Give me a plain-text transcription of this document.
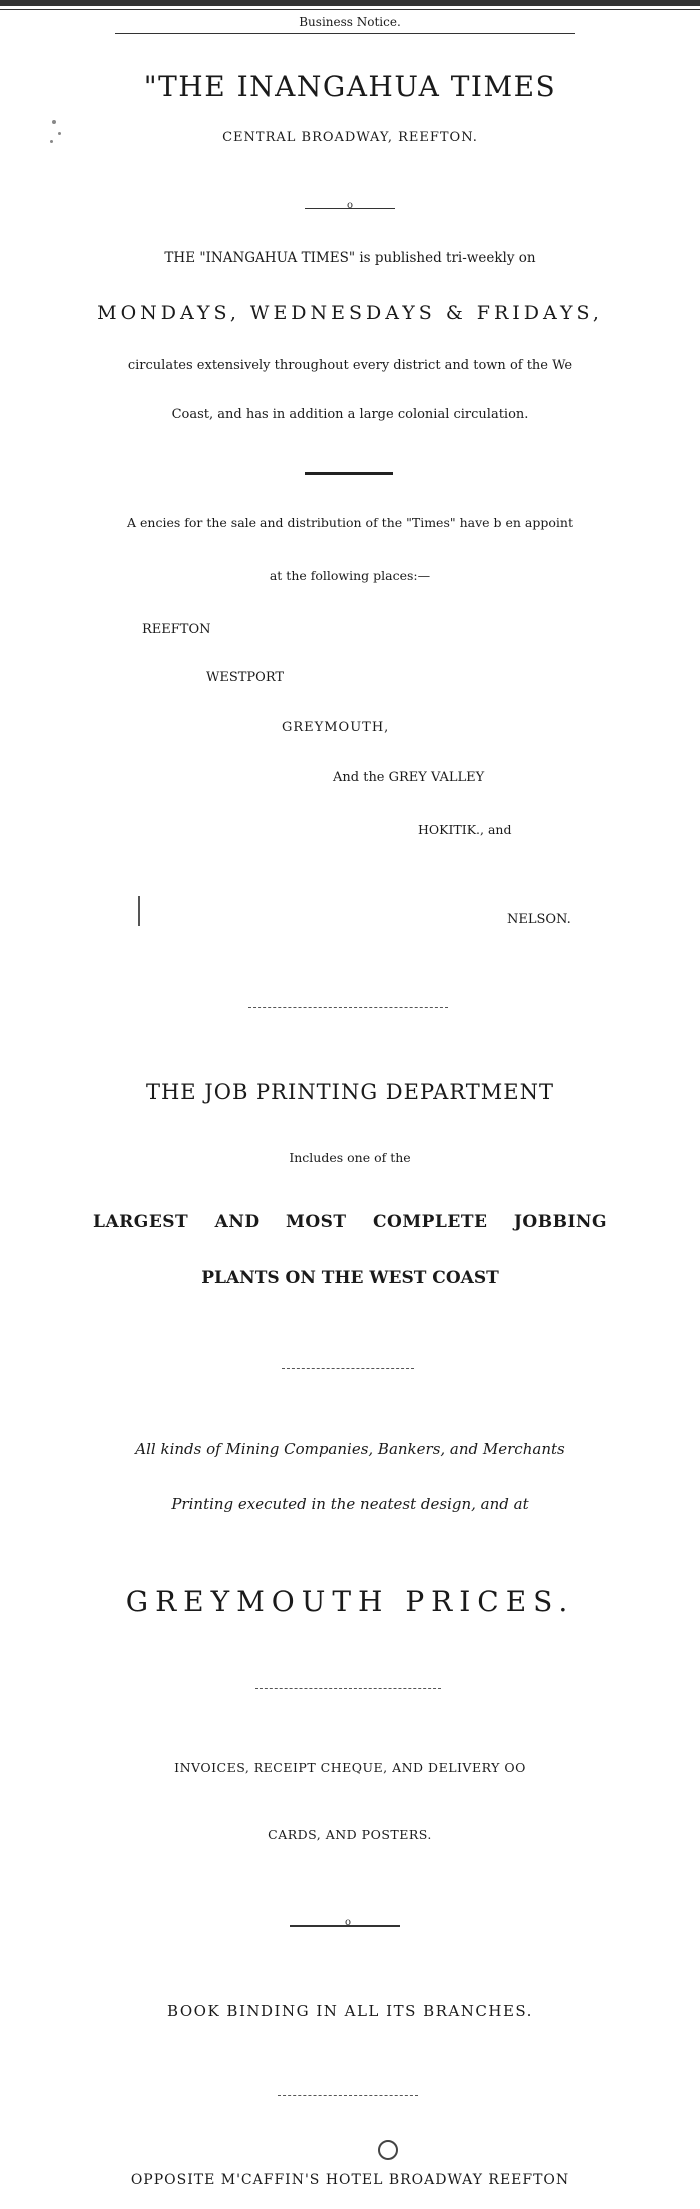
Business Notice.
"THE INANGAHUA TIMES
CENTRAL BROADWAY, REEFTON.
o
THE "INANGAHUA TIMES" is published tri-weekly on
MONDAYS, WEDNESDAYS & FRIDAYS,
circulates extensively throughout every district and town of the We
Coast, and has in addition a large colonial circulation.
A encies for the sale and distribution of the "Times" have b en appoint
at the following places:—
REEFTON
WESTPORT
GREYMOUTH,
And the GREY VALLEY
HOKITIK., and
NELSON.
THE JOB PRINTING DEPARTMENT
Includes one of the
LARGEST AND MOST COMPLETE JOBBING
PLANTS ON THE WEST COAST
All kinds of Mining Companies, Bankers, and Merchants
Printing executed in the neatest design, and at
GREYMOUTH PRICES.
INVOICES, RECEIPT CHEQUE, AND DELIVERY OO
CARDS, AND POSTERS.
o
BOOK BINDING IN ALL ITS BRANCHES.
OPPOSITE M'CAFFIN'S HOTEL BROADWAY REEFTON
